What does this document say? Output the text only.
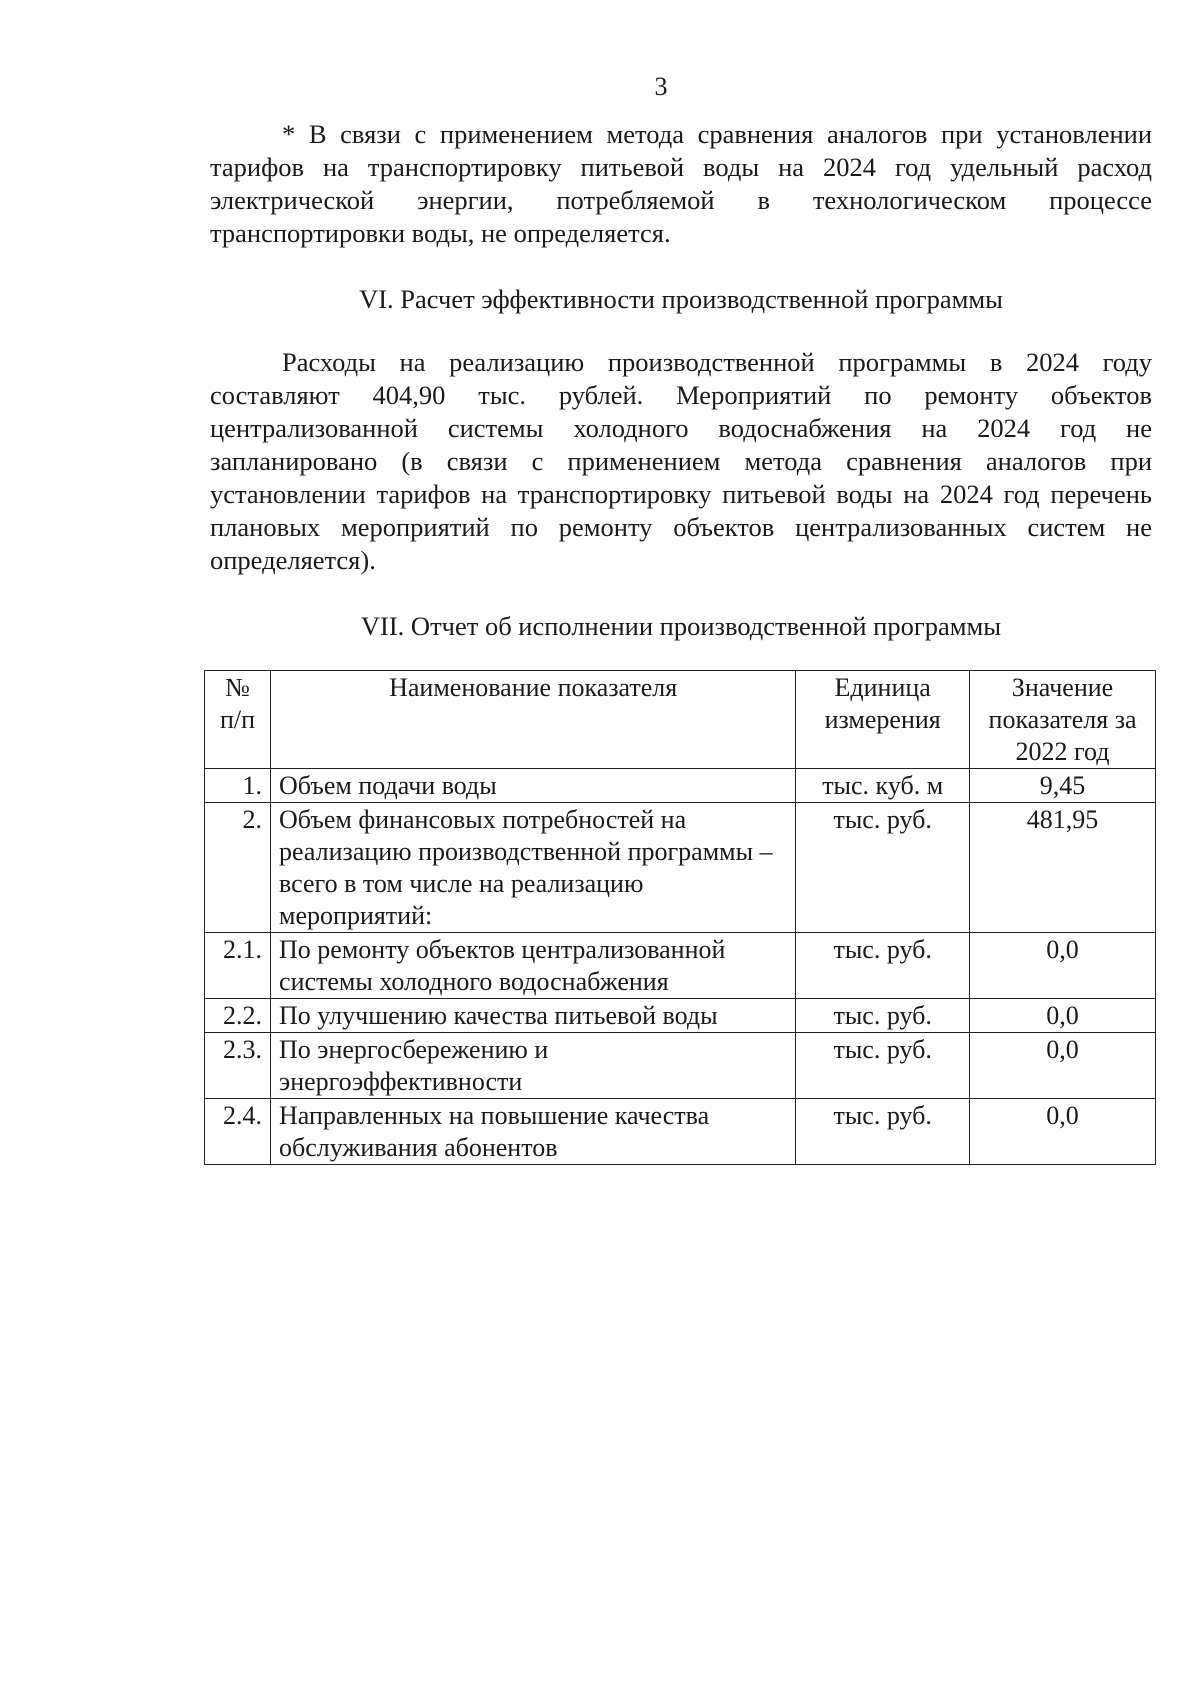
3
* В связи с применением метода сравнения аналогов при установлении тарифов на транспортировку питьевой воды на 2024 год удельный расход электрической энергии, потребляемой в технологическом процессе транспортировки воды, не определяется.
VI. Расчет эффективности производственной программы
Расходы на реализацию производственной программы в 2024 году составляют 404,90 тыс. рублей. Мероприятий по ремонту объектов централизованной системы холодного водоснабжения на 2024 год не запланировано (в связи с применением метода сравнения аналогов при установлении тарифов на транспортировку питьевой воды на 2024 год перечень плановых мероприятий по ремонту объектов централизованных систем не определяется).
VII. Отчет об исполнении производственной программы
№ п/п	Наименование показателя	Единица измерения	Значение показателя за 2022 год
1.	Объем подачи воды	тыс. куб. м	9,45
2.	Объем финансовых потребностей на реализацию производственной программы – всего в том числе на реализацию мероприятий:	тыс. руб.	481,95
2.1.	По ремонту объектов централизованной системы холодного водоснабжения	тыс. руб.	0,0
2.2.	По улучшению качества питьевой воды	тыс. руб.	0,0
2.3.	По энергосбережению и энергоэффективности	тыс. руб.	0,0
2.4.	Направленных на повышение качества обслуживания абонентов	тыс. руб.	0,0
